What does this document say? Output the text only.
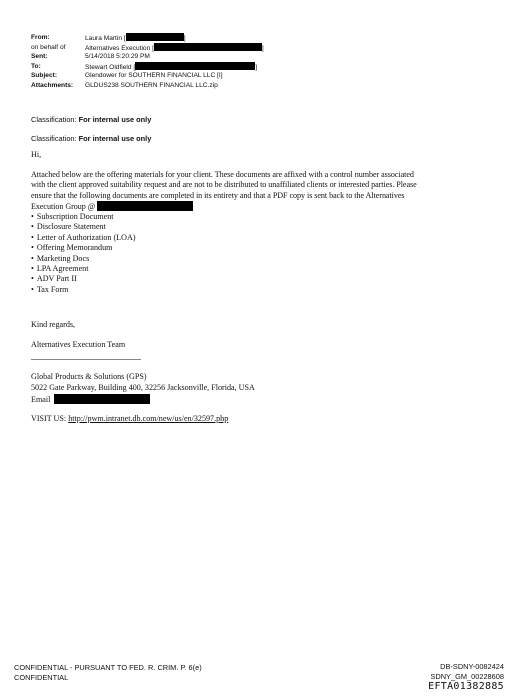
From:	Laura Martin [	]
on behalf of	Alternatives Execution [	]
Sent:	5/14/2018 5:20:29 PM
To:	Stewart Oldfield [	]
Subject:	Glendower for SOUTHERN FINANCIAL LLC [I]
Attachments: GLDUS238 SOUTHERN FINANCIAL LLC.zip
Classification: For internal use only
Classification: For internal use only
Hi,
Attached below are the offering materials for your client. These documents are affixed with a control number associated
with the client approved suitability request and are not to be distributed to unaffiliated clients or interested parties. Please
ensure that the following documents are completed in its entirety and that a PDF copy is sent back to the Alternatives
Execution Group @
• Subscription Document
• Disclosure Statement
• Letter of Authorization (LOA)
• Offering Memorandum
• Marketing Docs
• LPA Agreement
• ADV Part II
• Tax Form
Kind regards,
Alternatives Execution Team
Global Products & Solutions (GPS)
5022 Gate Parkway, Building 400, 32256 Jacksonville, Florida, USA
Email
VISIT US: http://pwm.intranet.db.com/new/us/en/32597.php
CONFIDENTIAL - PURSUANT TO FED. R. CRIM. P. 6(e)
CONFIDENTIAL
DB-SDNY-0082424
SDNY_GM_00228608
EFTA01382885
